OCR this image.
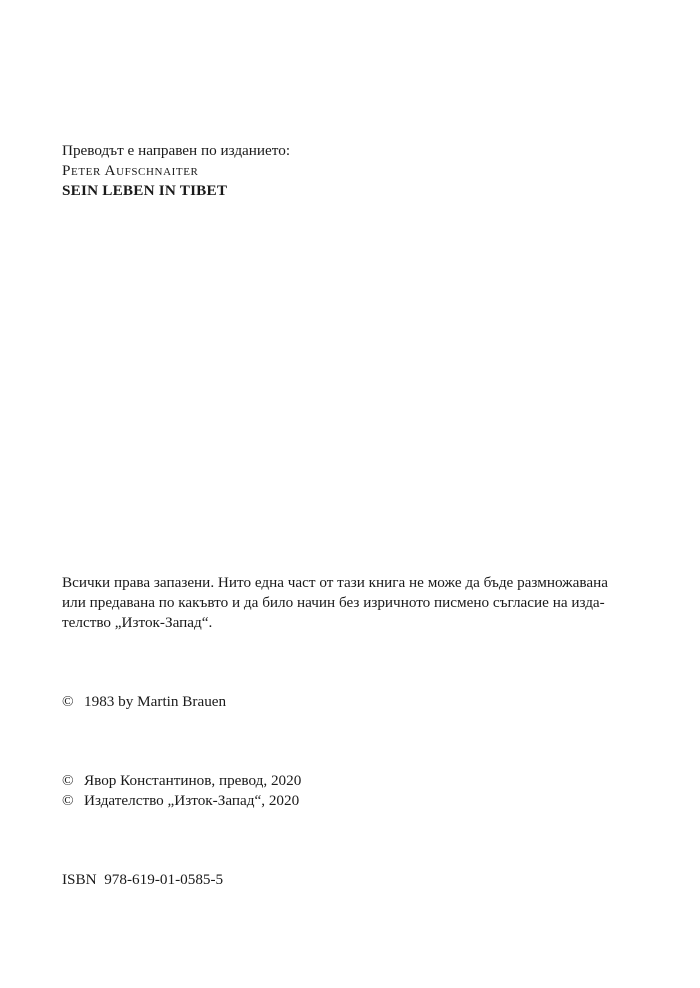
Преводът е направен по изданието:
Peter Aufschnaiter
SEIN LEBEN IN TIBET
Всички права запазени. Нито една част от тази книга не може да бъде размножавана
или предавана по какъвто и да било начин без изричното писмено съгласие на изда-
телство „Изток-Запад“.
© 1983 by Martin Brauen
© Явор Константинов, превод, 2020
© Издателство „Изток-Запад“, 2020
ISBN 978-619-01-0585-5
